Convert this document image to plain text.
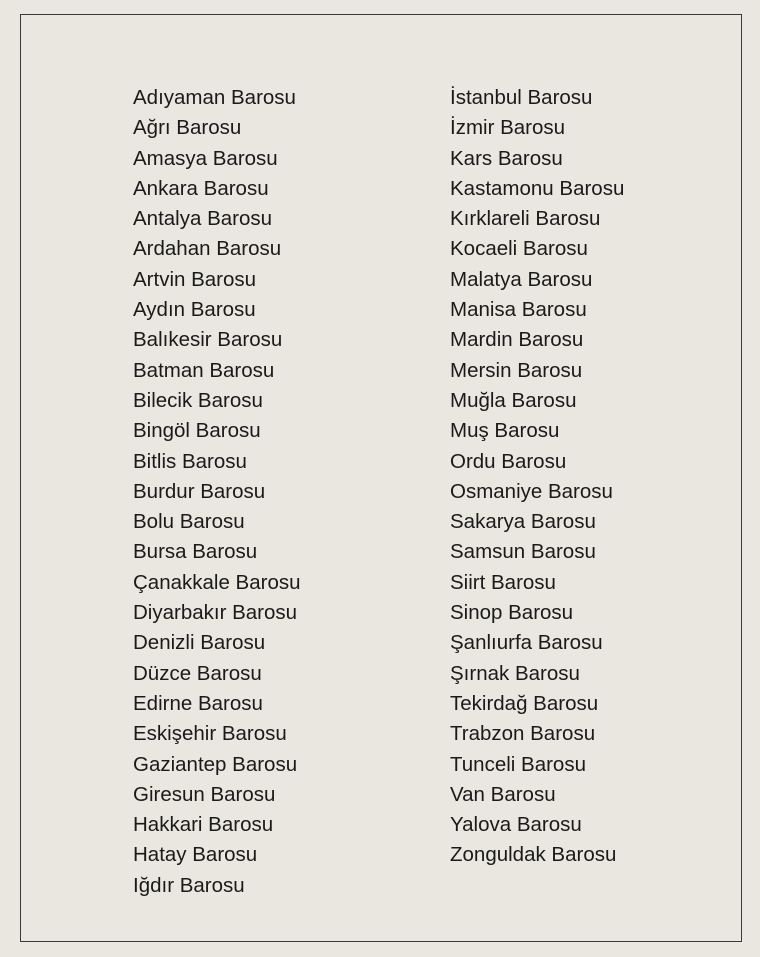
Adıyaman Barosu
Ağrı Barosu
Amasya Barosu
Ankara Barosu
Antalya Barosu
Ardahan Barosu
Artvin Barosu
Aydın Barosu
Balıkesir Barosu
Batman Barosu
Bilecik Barosu
Bingöl Barosu
Bitlis Barosu
Burdur Barosu
Bolu Barosu
Bursa Barosu
Çanakkale Barosu
Diyarbakır Barosu
Denizli Barosu
Düzce Barosu
Edirne Barosu
Eskişehir Barosu
Gaziantep Barosu
Giresun Barosu
Hakkari Barosu
Hatay Barosu
Iğdır Barosu
İstanbul Barosu
İzmir Barosu
Kars Barosu
Kastamonu Barosu
Kırklareli Barosu
Kocaeli Barosu
Malatya Barosu
Manisa Barosu
Mardin Barosu
Mersin Barosu
Muğla Barosu
Muş Barosu
Ordu Barosu
Osmaniye Barosu
Sakarya Barosu
Samsun Barosu
Siirt Barosu
Sinop Barosu
Şanlıurfa Barosu
Şırnak Barosu
Tekirdağ Barosu
Trabzon Barosu
Tunceli Barosu
Van Barosu
Yalova Barosu
Zonguldak Barosu
